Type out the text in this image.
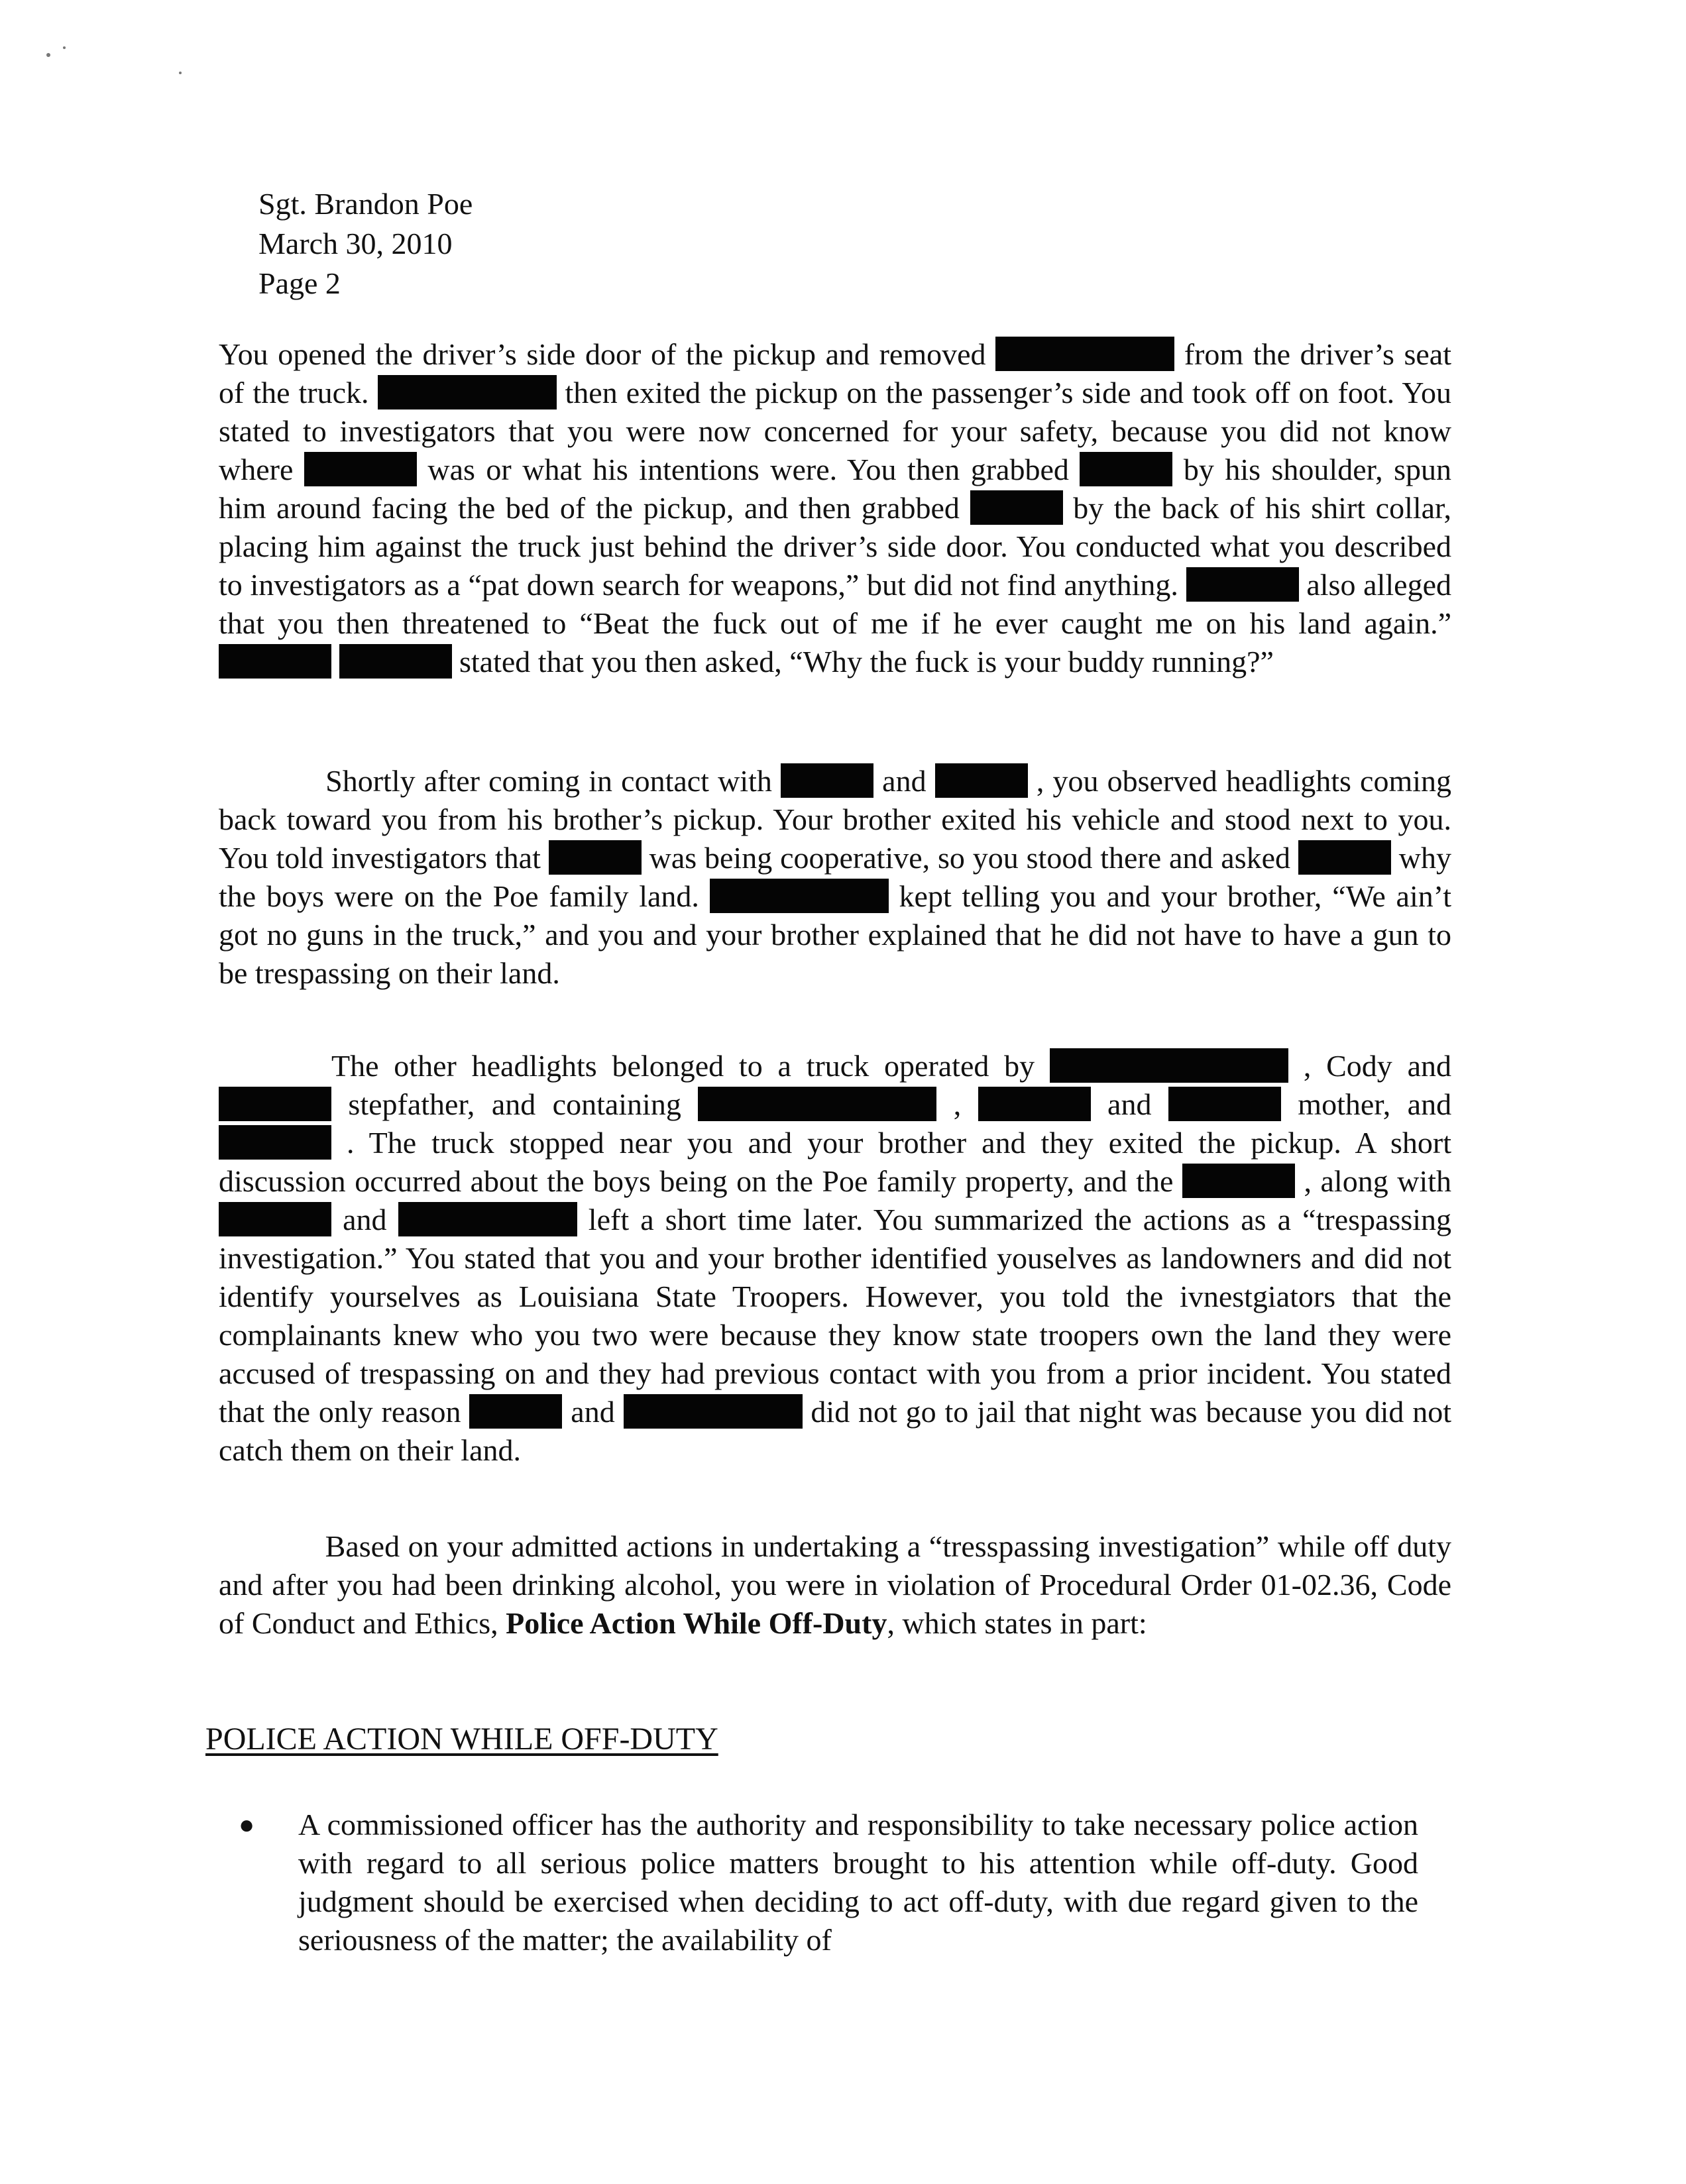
Sgt. Brandon Poe
March 30, 2010
Page 2
You opened the driver’s side door of the pickup and removed	from the driver’s seat of the truck.	then exited the pickup on the passenger’s side and took off on foot. You stated to investigators that you were now concerned for your safety, because you did not know where	was or what his intentions were. You then grabbed	by his shoulder, spun him around facing the bed of the pickup, and then grabbed	by the back of his shirt collar, placing him against the truck just behind the driver’s side door. You conducted what you described to investigators as a “pat down search for weapons,” but did not find anything.	also alleged that you then threatened to “Beat the fuck out of me if he ever caught me on his land again.”   stated that you then asked, “Why the fuck is your buddy running?”
Shortly after coming in contact with	and	, you observed headlights coming back toward you from his brother’s pickup. Your brother exited his vehicle and stood next to you. You told investigators that	was being cooperative, so you stood there and asked	why the boys were on the Poe family land.	kept telling you and your brother, “We ain’t got no guns in the truck,” and you and your brother explained that he did not have to have a gun to be trespassing on their land.
The other headlights belonged to a truck operated by	, Cody and  stepfather, and containing	,	and	mother, and  . The truck stopped near you and your brother and they exited the pickup. A short discussion occurred about the boys being on the Poe family property, and the	, along with  and	left a short time later. You summarized the actions as a “trespassing investigation.” You stated that you and your brother identified youselves as landowners and did not identify yourselves as Louisiana State Troopers. However, you told the ivnestgiators that the complainants knew who you two were because they know state troopers own the land they were accused of trespassing on and they had previous contact with you from a prior incident. You stated that the only reason	and	did not go to jail that night was because you did not catch them on their land.
Based on your admitted actions in undertaking a “tresspassing investigation” while off duty and after you had been drinking alcohol, you were in violation of Procedural Order 01-02.36, Code of Conduct and Ethics, Police Action While Off-Duty, which states in part:
POLICE ACTION WHILE OFF-DUTY
●	A commissioned officer has the authority and responsibility to take necessary police action with regard to all serious police matters brought to his attention while off-duty. Good judgment should be exercised when deciding to act off-duty, with due regard given to the seriousness of the matter; the availability of
